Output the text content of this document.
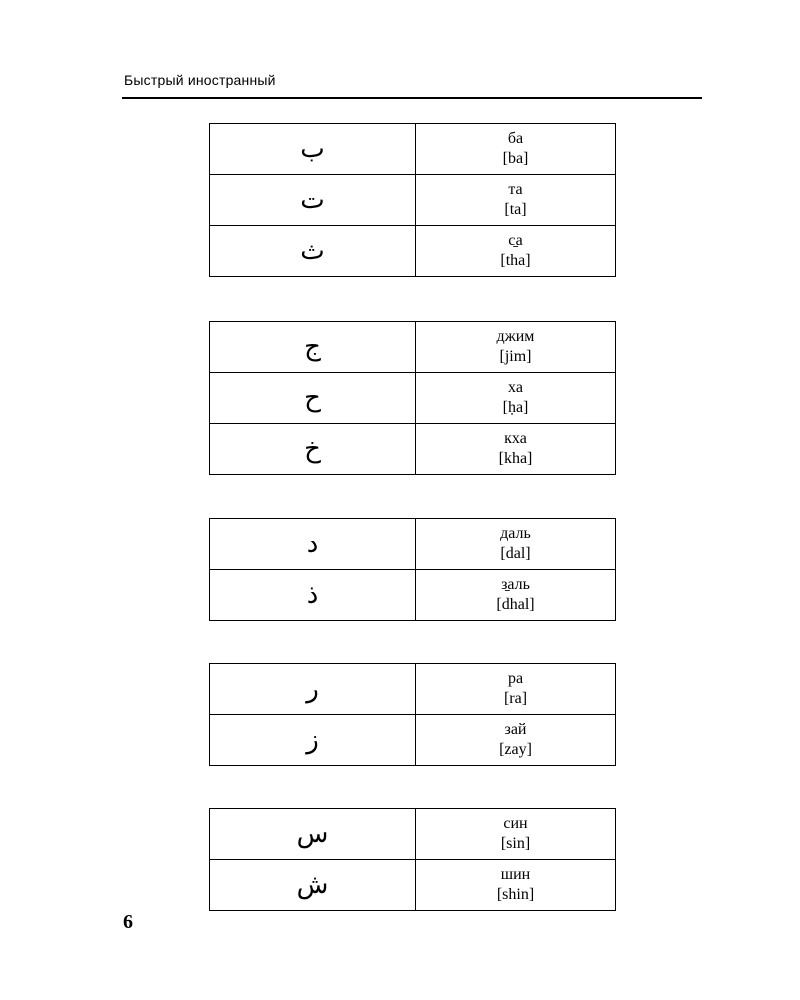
Быстрый иностранный
ب	ба
[ba]

ت	та
[ta]

ث	с̱а
[tha]
ج	джим
[jim]

ح	ха
[ḥa]

خ	кха
[kha]
د	даль
[dal]

ذ	з̱аль
[dhal]
ر	ра
[ra]

ز	зай
[zay]
س	син
[sin]

ش	шин
[shin]
6
